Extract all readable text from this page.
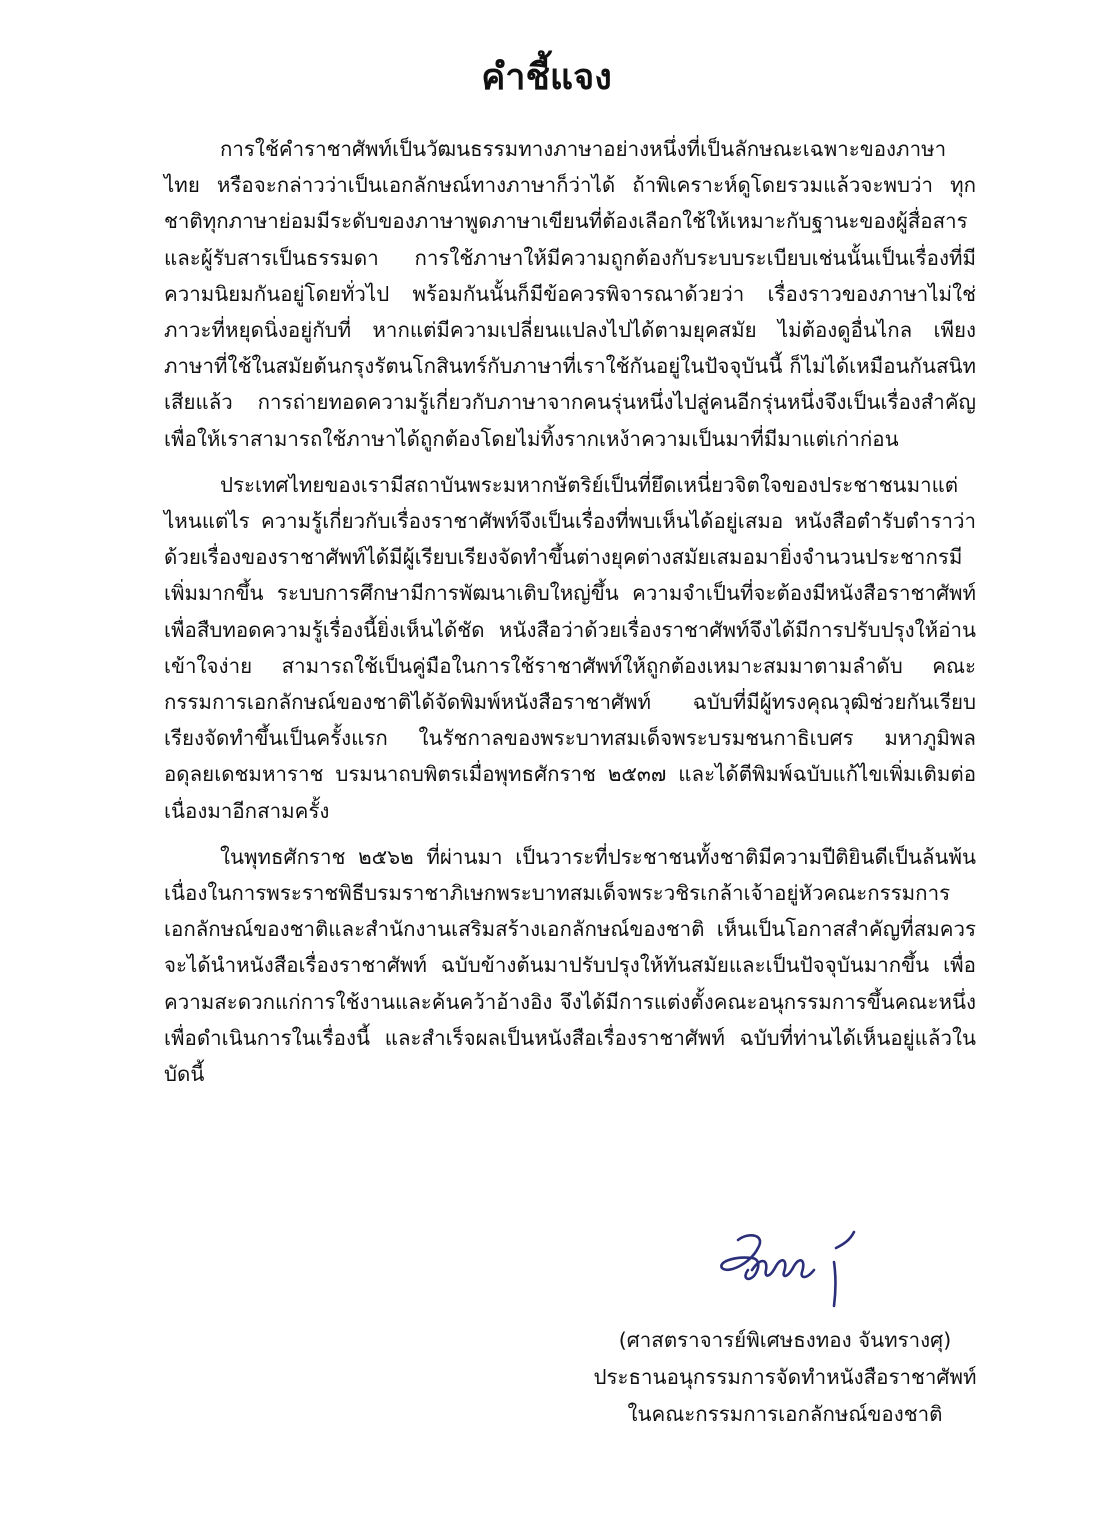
คำชี้แจง

การใช้คำราชาศัพท์เป็นวัฒนธรรมทางภาษาอย่างหนึ่งที่เป็นลักษณะเฉพาะของภาษาไทย หรือจะกล่าวว่าเป็นเอกลักษณ์ทางภาษาก็ว่าได้ ถ้าพิเคราะห์ดูโดยรวมแล้วจะพบว่า ทุกชาติทุกภาษาย่อมมีระดับของภาษาพูดภาษาเขียนที่ต้องเลือกใช้ให้เหมาะกับฐานะของผู้สื่อสารและผู้รับสารเป็นธรรมดา การใช้ภาษาให้มีความถูกต้องกับระบบระเบียบเช่นนั้นเป็นเรื่องที่มีความนิยมกันอยู่โดยทั่วไป พร้อมกันนั้นก็มีข้อควรพิจารณาด้วยว่า เรื่องราวของภาษาไม่ใช่ภาวะที่หยุดนิ่งอยู่กับที่ หากแต่มีความเปลี่ยนแปลงไปได้ตามยุคสมัย ไม่ต้องดูอื่นไกล เพียงภาษาที่ใช้ในสมัยต้นกรุงรัตนโกสินทร์กับภาษาที่เราใช้กันอยู่ในปัจจุบันนี้ ก็ไม่ได้เหมือนกันสนิทเสียแล้ว การถ่ายทอดความรู้เกี่ยวกับภาษาจากคนรุ่นหนึ่งไปสู่คนอีกรุ่นหนึ่งจึงเป็นเรื่องสำคัญ เพื่อให้เราสามารถใช้ภาษาได้ถูกต้องโดยไม่ทิ้งรากเหง้าความเป็นมาที่มีมาแต่เก่าก่อน

ประเทศไทยของเรามีสถาบันพระมหากษัตริย์เป็นที่ยึดเหนี่ยวจิตใจของประชาชนมาแต่ไหนแต่ไร ความรู้เกี่ยวกับเรื่องราชาศัพท์จึงเป็นเรื่องที่พบเห็นได้อยู่เสมอ หนังสือตำรับตำราว่าด้วยเรื่องของราชาศัพท์ได้มีผู้เรียบเรียงจัดทำขึ้นต่างยุคต่างสมัยเสมอมายิ่งจำนวนประชากรมีเพิ่มมากขึ้น ระบบการศึกษามีการพัฒนาเติบใหญ่ขึ้น ความจำเป็นที่จะต้องมีหนังสือราชาศัพท์เพื่อสืบทอดความรู้เรื่องนี้ยิ่งเห็นได้ชัด หนังสือว่าด้วยเรื่องราชาศัพท์จึงได้มีการปรับปรุงให้อ่านเข้าใจง่าย สามารถใช้เป็นคู่มือในการใช้ราชาศัพท์ให้ถูกต้องเหมาะสมมาตามลำดับ คณะกรรมการเอกลักษณ์ของชาติได้จัดพิมพ์หนังสือราชาศัพท์ ฉบับที่มีผู้ทรงคุณวุฒิช่วยกันเรียบเรียงจัดทำขึ้นเป็นครั้งแรก ในรัชกาลของพระบาทสมเด็จพระบรมชนกาธิเบศร มหาภูมิพลอดุลยเดชมหาราช บรมนาถบพิตรเมื่อพุทธศักราช ๒๕๓๗ และได้ตีพิมพ์ฉบับแก้ไขเพิ่มเติมต่อเนื่องมาอีกสามครั้ง

ในพุทธศักราช ๒๕๖๒ ที่ผ่านมา เป็นวาระที่ประชาชนทั้งชาติมีความปีติยินดีเป็นล้นพ้น เนื่องในการพระราชพิธีบรมราชาภิเษกพระบาทสมเด็จพระวชิรเกล้าเจ้าอยู่หัวคณะกรรมการเอกลักษณ์ของชาติและสำนักงานเสริมสร้างเอกลักษณ์ของชาติ เห็นเป็นโอกาสสำคัญที่สมควรจะได้นำหนังสือเรื่องราชาศัพท์ ฉบับข้างต้นมาปรับปรุงให้ทันสมัยและเป็นปัจจุบันมากขึ้น เพื่อความสะดวกแก่การใช้งานและค้นคว้าอ้างอิง จึงได้มีการแต่งตั้งคณะอนุกรรมการขึ้นคณะหนึ่งเพื่อดำเนินการในเรื่องนี้ และสำเร็จผลเป็นหนังสือเรื่องราชาศัพท์ ฉบับที่ท่านได้เห็นอยู่แล้วในบัดนี้

(ศาสตราจารย์พิเศษธงทอง จันทรางศุ)
ประธานอนุกรรมการจัดทำหนังสือราชาศัพท์
ในคณะกรรมการเอกลักษณ์ของชาติ
